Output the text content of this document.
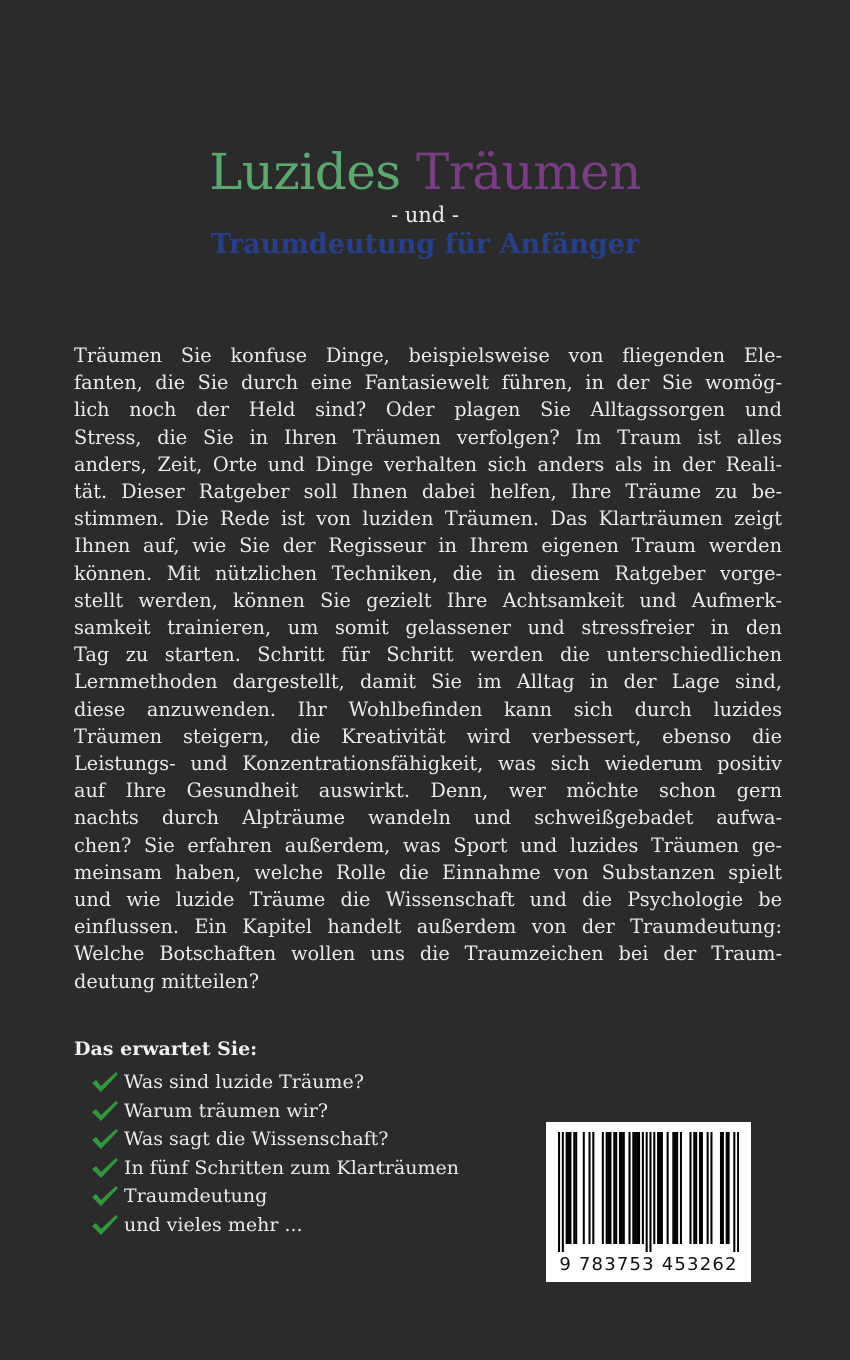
Luzides Träumen
- und -
Traumdeutung für Anfänger
Träumen Sie konfuse Dinge, beispielsweise von fliegenden Ele-
fanten, die Sie durch eine Fantasiewelt führen, in der Sie womög-
lich noch der Held sind? Oder plagen Sie Alltagssorgen und
Stress, die Sie in Ihren Träumen verfolgen? Im Traum ist alles
anders, Zeit, Orte und Dinge verhalten sich anders als in der Reali-
tät. Dieser Ratgeber soll Ihnen dabei helfen, Ihre Träume zu be-
stimmen. Die Rede ist von luziden Träumen. Das Klarträumen zeigt
Ihnen auf, wie Sie der Regisseur in Ihrem eigenen Traum werden
können. Mit nützlichen Techniken, die in diesem Ratgeber vorge-
stellt werden, können Sie gezielt Ihre Achtsamkeit und Aufmerk-
samkeit trainieren, um somit gelassener und stressfreier in den
Tag zu starten. Schritt für Schritt werden die unterschiedlichen
Lernmethoden dargestellt, damit Sie im Alltag in der Lage sind,
diese anzuwenden. Ihr Wohlbefinden kann sich durch luzides
Träumen steigern, die Kreativität wird verbessert, ebenso die
Leistungs- und Konzentrationsfähigkeit, was sich wiederum positiv
auf Ihre Gesundheit auswirkt. Denn, wer möchte schon gern
nachts durch Alpträume wandeln und schweißgebadet aufwa-
chen? Sie erfahren außerdem, was Sport und luzides Träumen ge-
meinsam haben, welche Rolle die Einnahme von Substanzen spielt
und wie luzide Träume die Wissenschaft und die Psychologie be
einflussen. Ein Kapitel handelt außerdem von der Traumdeutung:
Welche Botschaften wollen uns die Traumzeichen bei der Traum-
deutung mitteilen?
Das erwartet Sie:
Was sind luzide Träume?
Warum träumen wir?
Was sagt die Wissenschaft?
In fünf Schritten zum Klarträumen
Traumdeutung
und vieles mehr ...
9 783753 453262
